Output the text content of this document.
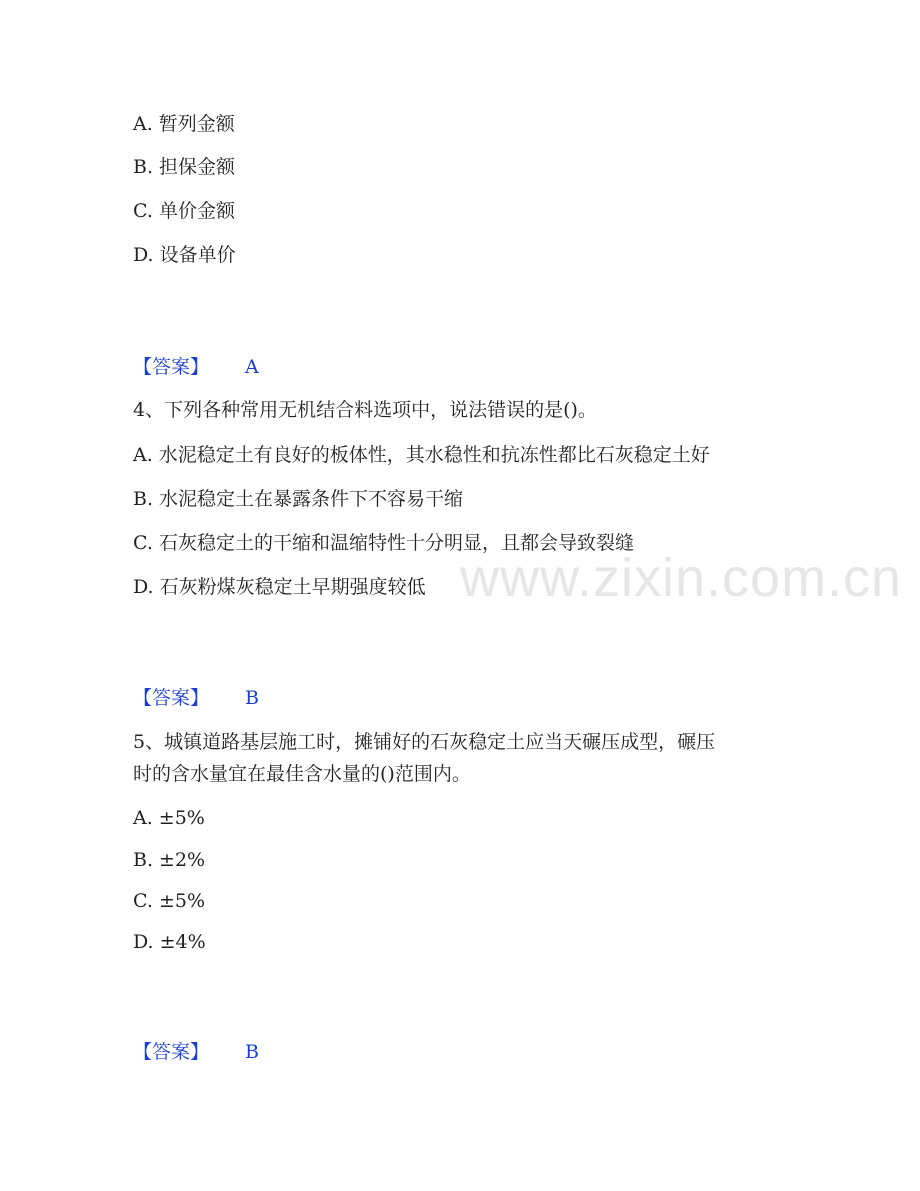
www.zixin.com.cn
A. 暂列金额
B. 担保金额
C. 单价金额
D. 设备单价
【答案】 A
4、下列各种常用无机结合料选项中，说法错误的是()。
A. 水泥稳定土有良好的板体性，其水稳性和抗冻性都比石灰稳定土好
B. 水泥稳定土在暴露条件下不容易干缩
C. 石灰稳定土的干缩和温缩特性十分明显，且都会导致裂缝
D. 石灰粉煤灰稳定土早期强度较低
【答案】 B
5、城镇道路基层施工时，摊铺好的石灰稳定土应当天碾压成型，碾压
时的含水量宜在最佳含水量的()范围内。
A. ±5%
B. ±2%
C. ±5%
D. ±4%
【答案】 B
